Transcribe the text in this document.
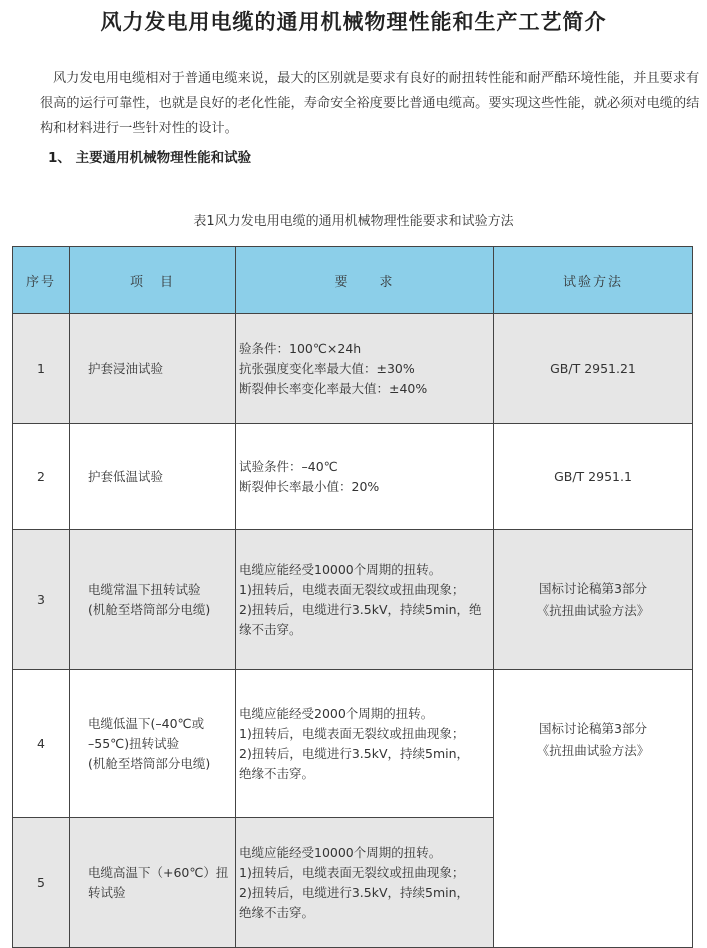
风力发电用电缆的通用机械物理性能和生产工艺简介
风力发电用电缆相对于普通电缆来说，最大的区别就是要求有良好的耐扭转性能和耐严酷环境性能，并且要求有很高的运行可靠性，也就是良好的老化性能，寿命安全裕度要比普通电缆高。要实现这些性能，就必须对电缆的结构和材料进行一些针对性的设计。
1、 主要通用机械物理性能和试验
表1风力发电用电缆的通用机械物理性能要求和试验方法
序号	项　目	要　　求	试验方法
1	护套浸油试验	验条件：100℃×24h
抗张强度变化率最大值：±30%
断裂伸长率变化率最大值：±40%	GB/T 2951.21

2	护套低温试验	试验条件：–40℃
断裂伸长率最小值：20%	GB/T 2951.1

3	电缆常温下扭转试验
(机舱至塔筒部分电缆)	电缆应能经受10000个周期的扭转。
1)扭转后，电缆表面无裂纹或扭曲现象；
2)扭转后，电缆进行3.5kV，持续5min，绝
缘不击穿。	国标讨论稿第3部分
《抗扭曲试验方法》

4	电缆低温下(–40℃或
–55℃)扭转试验
(机舱至塔筒部分电缆)	电缆应能经受2000个周期的扭转。
1)扭转后，电缆表面无裂纹或扭曲现象；
2)扭转后，电缆进行3.5kV，持续5min，
绝缘不击穿。	国标讨论稿第3部分
《抗扭曲试验方法》

5	电缆高温下（+60℃）扭
转试验	电缆应能经受10000个周期的扭转。
1)扭转后，电缆表面无裂纹或扭曲现象；
2)扭转后，电缆进行3.5kV，持续5min，
绝缘不击穿。	
